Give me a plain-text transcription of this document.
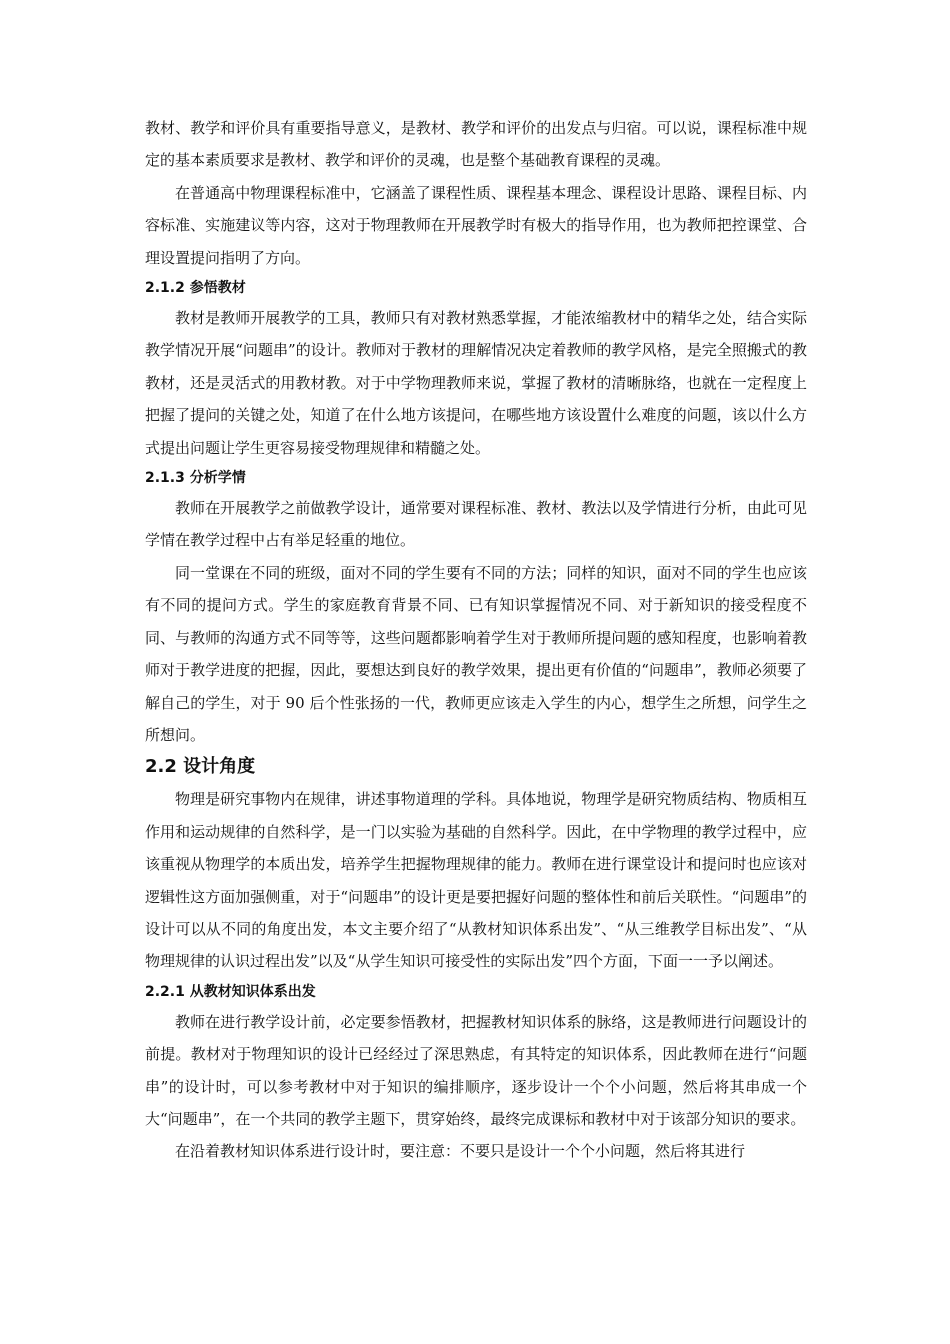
教材、教学和评价具有重要指导意义，是教材、教学和评价的出发点与归宿。可以说，课程标准中规定的基本素质要求是教材、教学和评价的灵魂，也是整个基础教育课程的灵魂。

在普通高中物理课程标准中，它涵盖了课程性质、课程基本理念、课程设计思路、课程目标、内容标准、实施建议等内容，这对于物理教师在开展教学时有极大的指导作用，也为教师把控课堂、合理设置提问指明了方向。

2.1.2 参悟教材

教材是教师开展教学的工具，教师只有对教材熟悉掌握，才能浓缩教材中的精华之处，结合实际教学情况开展“问题串”的设计。教师对于教材的理解情况决定着教师的教学风格，是完全照搬式的教教材，还是灵活式的用教材教。对于中学物理教师来说，掌握了教材的清晰脉络，也就在一定程度上把握了提问的关键之处，知道了在什么地方该提问，在哪些地方该设置什么难度的问题，该以什么方式提出问题让学生更容易接受物理规律和精髓之处。

2.1.3 分析学情

教师在开展教学之前做教学设计，通常要对课程标准、教材、教法以及学情进行分析，由此可见学情在教学过程中占有举足轻重的地位。

同一堂课在不同的班级，面对不同的学生要有不同的方法；同样的知识，面对不同的学生也应该有不同的提问方式。学生的家庭教育背景不同、已有知识掌握情况不同、对于新知识的接受程度不同、与教师的沟通方式不同等等，这些问题都影响着学生对于教师所提问题的感知程度，也影响着教师对于教学进度的把握，因此，要想达到良好的教学效果，提出更有价值的“问题串”，教师必须要了解自己的学生，对于 90 后个性张扬的一代，教师更应该走入学生的内心，想学生之所想，问学生之所想问。

2.2 设计角度

物理是研究事物内在规律，讲述事物道理的学科。具体地说，物理学是研究物质结构、物质相互作用和运动规律的自然科学，是一门以实验为基础的自然科学。因此，在中学物理的教学过程中，应该重视从物理学的本质出发，培养学生把握物理规律的能力。教师在进行课堂设计和提问时也应该对逻辑性这方面加强侧重，对于“问题串”的设计更是要把握好问题的整体性和前后关联性。“问题串”的设计可以从不同的角度出发，本文主要介绍了“从教材知识体系出发”、“从三维教学目标出发”、“从物理规律的认识过程出发”以及“从学生知识可接受性的实际出发”四个方面，下面一一予以阐述。

2.2.1 从教材知识体系出发

教师在进行教学设计前，必定要参悟教材，把握教材知识体系的脉络，这是教师进行问题设计的前提。教材对于物理知识的设计已经经过了深思熟虑，有其特定的知识体系，因此教师在进行“问题串”的设计时，可以参考教材中对于知识的编排顺序，逐步设计一个个小问题，然后将其串成一个大“问题串”，在一个共同的教学主题下，贯穿始终，最终完成课标和教材中对于该部分知识的要求。

在沿着教材知识体系进行设计时，要注意：不要只是设计一个个小问题，然后将其进行
